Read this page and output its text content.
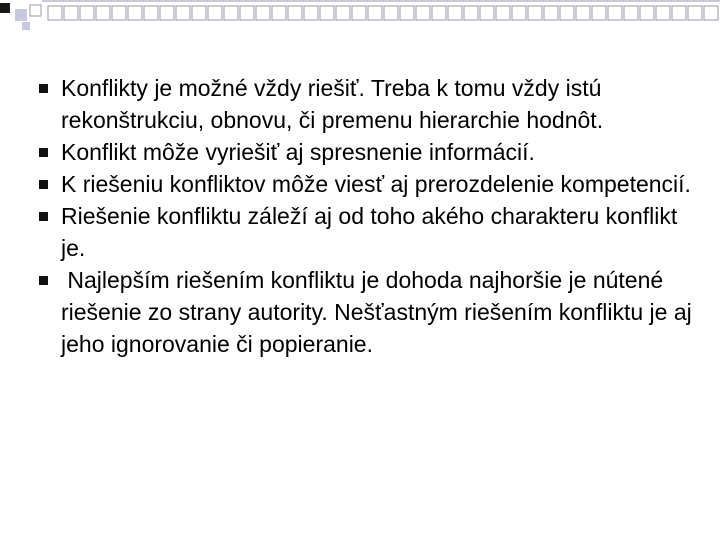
Konflikty je možné vždy riešiť. Treba k tomu vždy istú rekonštrukciu, obnovu, či premenu hierarchie hodnôt.
Konflikt môže vyriešiť aj spresnenie informácií.
K riešeniu konfliktov môže viesť aj prerozdelenie kompetencií.
Riešenie konfliktu záleží aj od toho akého charakteru konflikt je.
Najlepším riešením konfliktu je dohoda najhoršie je nútené riešenie zo strany autority. Nešťastným riešením konfliktu je aj jeho ignorovanie či popieranie.
